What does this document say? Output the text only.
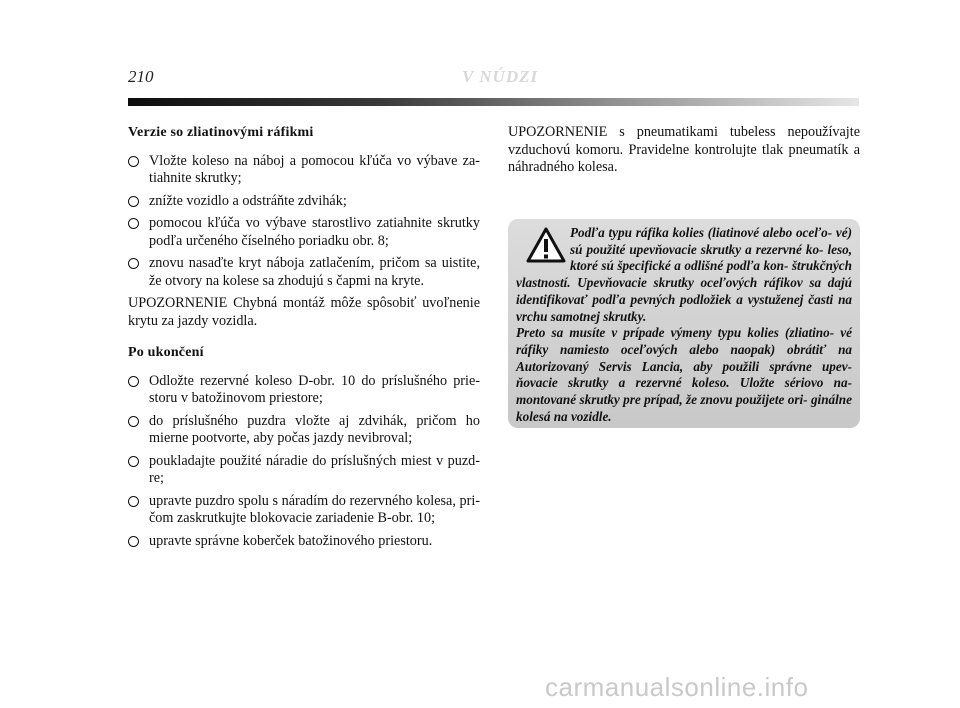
210	V NÚDZI
Verzie so zliatinovými ráfikmi
Vložte koleso na náboj a pomocou kľúča vo výbave za- tiahnite skrutky;
znížte vozidlo a odstráňte zdvihák;
pomocou kľúča vo výbave starostlivo zatiahnite skrutky podľa určeného číselného poriadku obr. 8;
znovu nasaďte kryt náboja zatlačením, pričom sa uistite, že otvory na kolese sa zhodujú s čapmi na kryte.

UPOZORNENIE Chybná montáž môže spôsobiť uvoľnenie krytu za jazdy vozidla.

Po ukončení
Odložte rezervné koleso D-obr. 10 do príslušného prie- storu v batožinovom priestore;
do príslušného puzdra vložte aj zdvihák, pričom ho mierne pootvorte, aby počas jazdy nevibroval;
poukladajte použité náradie do príslušných miest v puzd- re;
upravte puzdro spolu s náradím do rezervného kolesa, pri- čom zaskrutkujte blokovacie zariadenie B-obr. 10;
upravte správne koberček batožinového priestoru.

UPOZORNENIE s pneumatikami tubeless nepoužívajte vzduchovú komoru. Pravidelne kontrolujte tlak pneumatík a náhradného kolesa.

Podľa typu ráfika kolies (liatinové alebo oceľo- vé) sú použité upevňovacie skrutky a rezervné ko- leso, ktoré sú špecifické a odlišné podľa kon- štrukčných vlastností. Upevňovacie skrutky oceľových ráfikov sa dajú identifikovať podľa pevných podložiek a vystuženej časti na vrchu samotnej skrutky.
Preto sa musíte v prípade výmeny typu kolies (zliatino- vé ráfiky namiesto oceľových alebo naopak) obrátiť na Autorizovaný Servis Lancia, aby použili správne upev- ňovacie skrutky a rezervné koleso. Uložte sériovo na- montované skrutky pre prípad, že znovu použijete ori- ginálne kolesá na vozidle.
carmanualsonline.info
